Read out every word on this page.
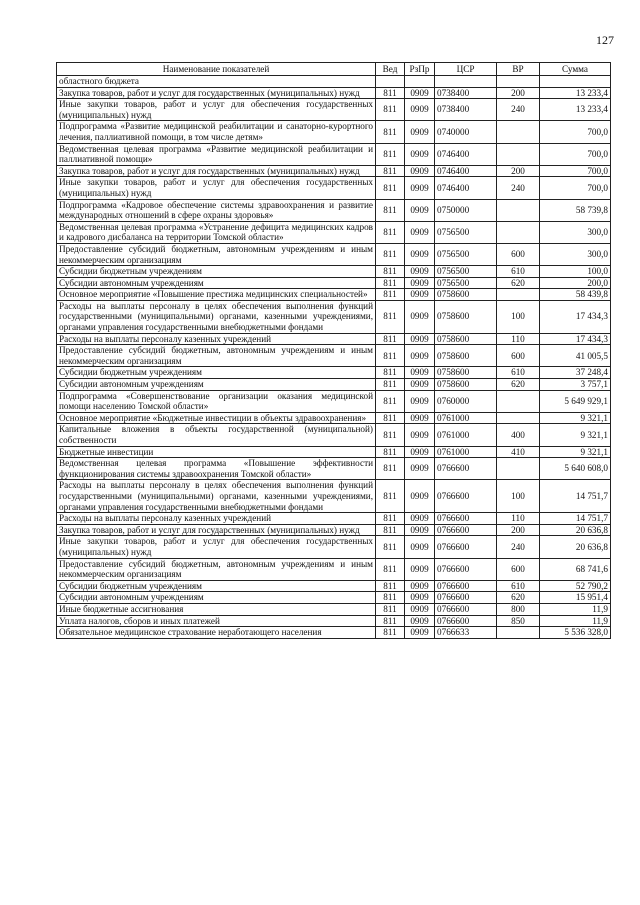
127
Наименование показателей	Вед	РзПр	ЦСР	ВР	Сумма
областного бюджета					
Закупка товаров, работ и услуг для государственных (муниципальных) нужд	811	0909	0738400	200	13 233,4
Иные закупки товаров, работ и услуг для обеспечения государственных (муниципальных) нужд	811	0909	0738400	240	13 233,4
Подпрограмма «Развитие медицинской реабилитации и санаторно-курортного лечения, паллиативной помощи, в том числе детям»	811	0909	0740000		700,0
Ведомственная целевая программа «Развитие медицинской реабилитации и паллиативной помощи»	811	0909	0746400		700,0
Закупка товаров, работ и услуг для государственных (муниципальных) нужд	811	0909	0746400	200	700,0
Иные закупки товаров, работ и услуг для обеспечения государственных (муниципальных) нужд	811	0909	0746400	240	700,0
Подпрограмма «Кадровое обеспечение системы здравоохранения и развитие международных отношений в сфере охраны здоровья»	811	0909	0750000		58 739,8
Ведомственная целевая программа «Устранение дефицита медицинских кадров и кадрового дисбаланса на территории Томской области»	811	0909	0756500		300,0
Предоставление субсидий бюджетным, автономным учреждениям и иным некоммерческим организациям	811	0909	0756500	600	300,0
Субсидии бюджетным учреждениям	811	0909	0756500	610	100,0
Субсидии автономным учреждениям	811	0909	0756500	620	200,0
Основное мероприятие «Повышение престижа медицинских специальностей»	811	0909	0758600		58 439,8
Расходы на выплаты персоналу в целях обеспечения выполнения функций государственными (муниципальными) органами, казенными учреждениями, органами управления государственными внебюджетными фондами	811	0909	0758600	100	17 434,3
Расходы на выплаты персоналу казенных учреждений	811	0909	0758600	110	17 434,3
Предоставление субсидий бюджетным, автономным учреждениям и иным некоммерческим организациям	811	0909	0758600	600	41 005,5
Субсидии бюджетным учреждениям	811	0909	0758600	610	37 248,4
Субсидии автономным учреждениям	811	0909	0758600	620	3 757,1
Подпрограмма «Совершенствование организации оказания медицинской помощи населению Томской области»	811	0909	0760000		5 649 929,1
Основное мероприятие «Бюджетные инвестиции в объекты здравоохранения»	811	0909	0761000		9 321,1
Капитальные вложения в объекты государственной (муниципальной) собственности	811	0909	0761000	400	9 321,1
Бюджетные инвестиции	811	0909	0761000	410	9 321,1
Ведомственная целевая программа «Повышение эффективности функционирования системы здравоохранения Томской области»	811	0909	0766600		5 640 608,0
Расходы на выплаты персоналу в целях обеспечения выполнения функций государственными (муниципальными) органами, казенными учреждениями, органами управления государственными внебюджетными фондами	811	0909	0766600	100	14 751,7
Расходы на выплаты персоналу казенных учреждений	811	0909	0766600	110	14 751,7
Закупка товаров, работ и услуг для государственных (муниципальных) нужд	811	0909	0766600	200	20 636,8
Иные закупки товаров, работ и услуг для обеспечения государственных (муниципальных) нужд	811	0909	0766600	240	20 636,8
Предоставление субсидий бюджетным, автономным учреждениям и иным некоммерческим организациям	811	0909	0766600	600	68 741,6
Субсидии бюджетным учреждениям	811	0909	0766600	610	52 790,2
Субсидии автономным учреждениям	811	0909	0766600	620	15 951,4
Иные бюджетные ассигнования	811	0909	0766600	800	11,9
Уплата налогов, сборов и иных платежей	811	0909	0766600	850	11,9
Обязательное медицинское страхование неработающего населения	811	0909	0766633		5 536 328,0
